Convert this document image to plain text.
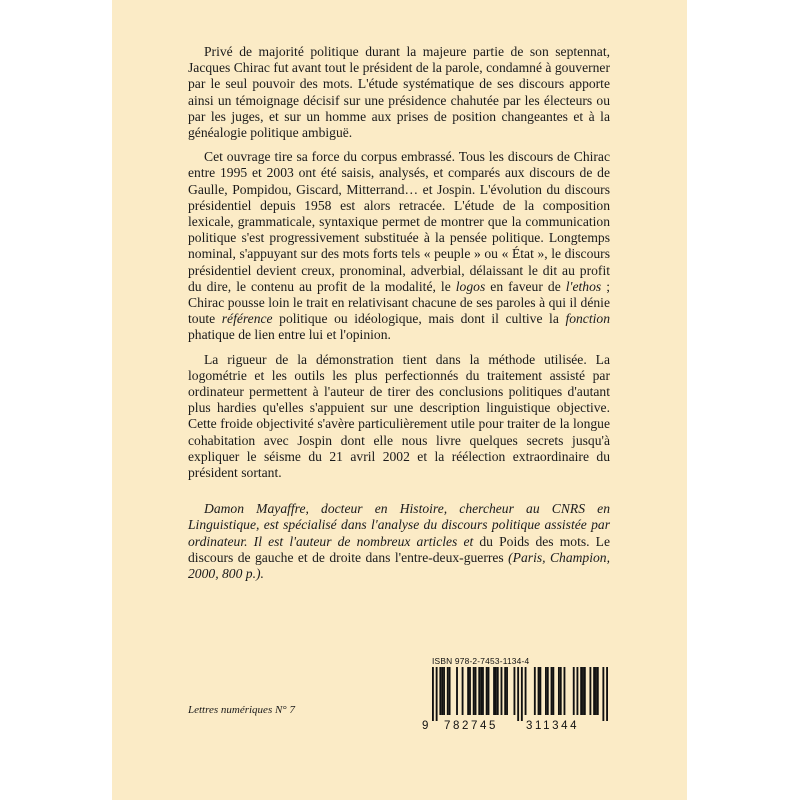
Privé de majorité politique durant la majeure partie de son septennat, Jacques Chirac fut avant tout le président de la parole, condamné à gouverner par le seul pouvoir des mots. L'étude systématique de ses discours apporte ainsi un témoignage décisif sur une présidence chahutée par les électeurs ou par les juges, et sur un homme aux prises de position changeantes et à la généalogie politique ambiguë.

Cet ouvrage tire sa force du corpus embrassé. Tous les discours de Chirac entre 1995 et 2003 ont été saisis, analysés, et comparés aux discours de de Gaulle, Pompidou, Giscard, Mitterrand… et Jospin. L'évolution du discours présidentiel depuis 1958 est alors retracée. L'étude de la composition lexicale, grammaticale, syntaxique permet de montrer que la communication politique s'est progressivement substituée à la pensée politique. Longtemps nominal, s'appuyant sur des mots forts tels « peuple » ou « État », le discours présidentiel devient creux, pronominal, adverbial, délaissant le dit au profit du dire, le contenu au profit de la modalité, le logos en faveur de l'ethos ; Chirac pousse loin le trait en relativisant chacune de ses paroles à qui il dénie toute référence politique ou idéologique, mais dont il cultive la fonction phatique de lien entre lui et l'opinion.

La rigueur de la démonstration tient dans la méthode utilisée. La logométrie et les outils les plus perfectionnés du traitement assisté par ordinateur permettent à l'auteur de tirer des conclusions politiques d'autant plus hardies qu'elles s'appuient sur une description linguistique objective. Cette froide objectivité s'avère particulièrement utile pour traiter de la longue cohabitation avec Jospin dont elle nous livre quelques secrets jusqu'à expliquer le séisme du 21 avril 2002 et la réélection extraordinaire du président sortant.

Damon Mayaffre, docteur en Histoire, chercheur au CNRS en Linguistique, est spécialisé dans l'analyse du discours politique assistée par ordinateur. Il est l'auteur de nombreux articles et du Poids des mots. Le discours de gauche et de droite dans l'entre-deux-guerres (Paris, Champion, 2000, 800 p.).

Lettres numériques N° 7
ISBN 978-2-7453-1134-4
9 782745 311344
